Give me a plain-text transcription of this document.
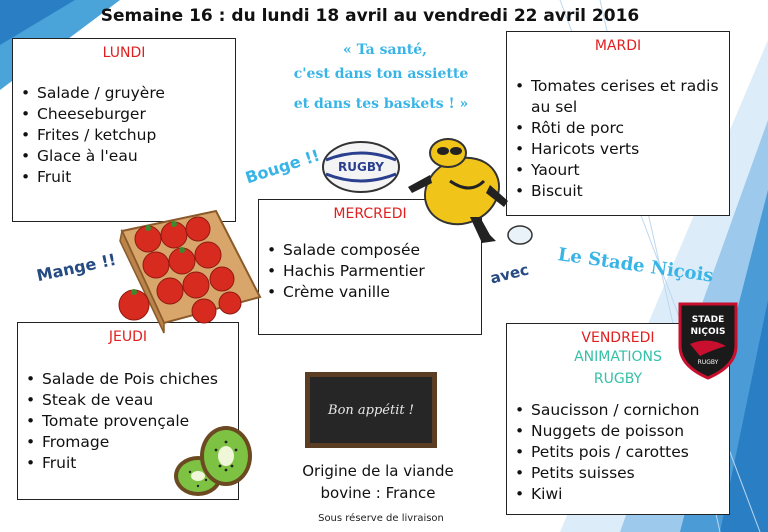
Semaine 16 : du lundi 18 avril au vendredi 22 avril 2016
LUNDI
• Salade / gruyère
• Cheeseburger
• Frites / ketchup
• Glace à l'eau
• Fruit
MARDI
• Tomates cerises et radis au sel
• Rôti de porc
• Haricots verts
• Yaourt
• Biscuit
MERCREDI
• Salade composée
• Hachis Parmentier
• Crème vanille
JEUDI
• Salade de Pois chiches
• Steak de veau
• Tomate provençale
• Fromage
• Fruit
VENDREDI
ANIMATIONS
RUGBY
• Saucisson / cornichon
• Nuggets de poisson
• Petits pois / carottes
• Petits suisses
• Kiwi
« Ta santé,
c'est dans ton assiette
et dans tes baskets ! »
Bouge !!
Mange !!	avec Le Stade Niçois
RUGBY
STADE
NIÇOIS
RUGBY
Bon appétit !
Origine de la viande
bovine : France
Sous réserve de livraison
